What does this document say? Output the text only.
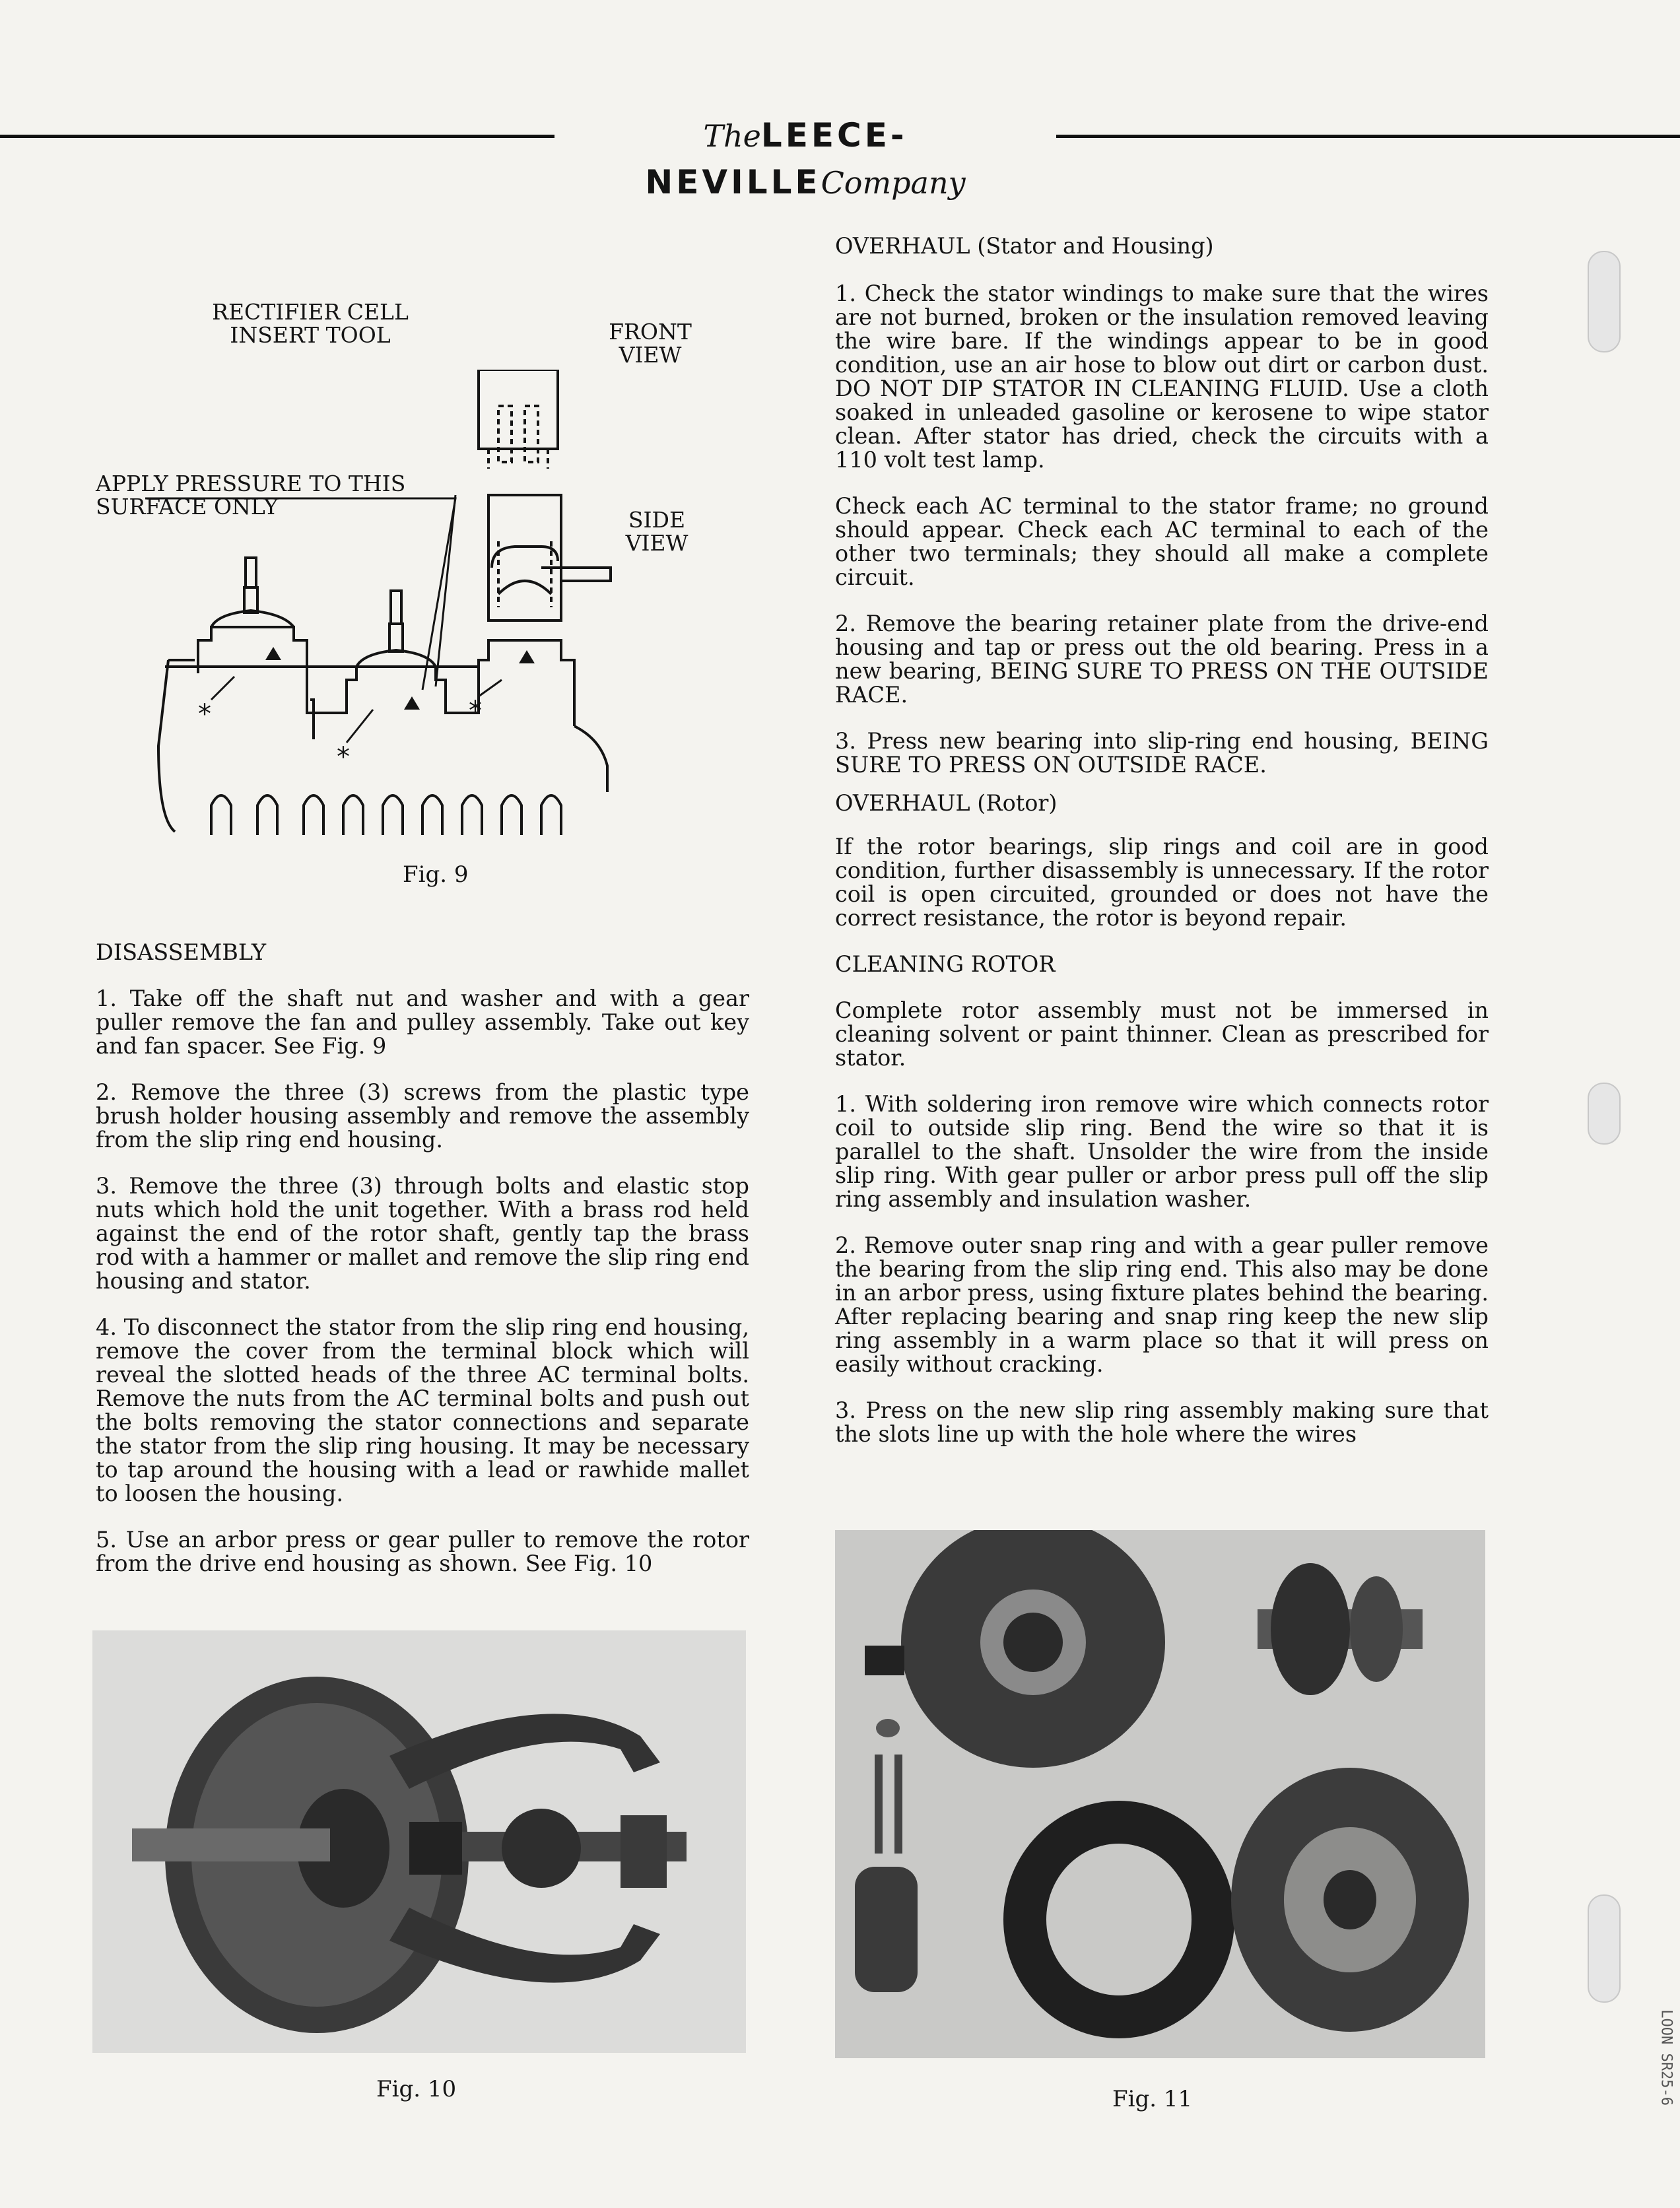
TheLEECE-NEVILLECompany
RECTIFIER CELL
INSERT TOOL	FRONT
VIEW
APPLY PRESSURE TO THIS
SURFACE ONLY
SIDE
VIEW
*
*
*
Fig. 9
DISASSEMBLY

1. Take off the shaft nut and washer and with a gear puller remove the fan and pulley assembly. Take out key and fan spacer. See Fig. 9

2. Remove the three (3) screws from the plastic type brush holder housing assembly and remove the assembly from the slip ring end housing.

3. Remove the three (3) through bolts and elastic stop nuts which hold the unit together. With a brass rod held against the end of the rotor shaft, gently tap the brass rod with a hammer or mallet and remove the slip ring end housing and stator.

4. To disconnect the stator from the slip ring end housing, remove the cover from the terminal block which will reveal the slotted heads of the three AC terminal bolts. Remove the nuts from the AC terminal bolts and push out the bolts removing the stator connections and separate the stator from the slip ring housing. It may be necessary to tap around the housing with a lead or rawhide mallet to loosen the housing.

5. Use an arbor press or gear puller to remove the rotor from the drive end housing as shown. See Fig. 10

Fig. 10
OVERHAUL (Stator and Housing)

1. Check the stator windings to make sure that the wires are not burned, broken or the insulation removed leaving the wire bare. If the windings appear to be in good condition, use an air hose to blow out dirt or carbon dust. DO NOT DIP STATOR IN CLEANING FLUID. Use a cloth soaked in unleaded gasoline or kerosene to wipe stator clean. After stator has dried, check the circuits with a 110 volt test lamp.

Check each AC terminal to the stator frame; no ground should appear. Check each AC terminal to each of the other two terminals; they should all make a complete circuit.

2. Remove the bearing retainer plate from the drive-end housing and tap or press out the old bearing. Press in a new bearing, BEING SURE TO PRESS ON THE OUTSIDE RACE.

3. Press new bearing into slip-ring end housing, BEING SURE TO PRESS ON OUTSIDE RACE.

OVERHAUL (Rotor)

If the rotor bearings, slip rings and coil are in good condition, further disassembly is unnecessary. If the rotor coil is open circuited, grounded or does not have the correct resistance, the rotor is beyond repair.

CLEANING ROTOR

Complete rotor assembly must not be immersed in cleaning solvent or paint thinner. Clean as prescribed for stator.

1. With soldering iron remove wire which connects rotor coil to outside slip ring. Bend the wire so that it is parallel to the shaft. Unsolder the wire from the inside slip ring. With gear puller or arbor press pull off the slip ring assembly and insulation washer.

2. Remove outer snap ring and with a gear puller remove the bearing from the slip ring end. This also may be done in an arbor press, using fixture plates behind the bearing. After replacing bearing and snap ring keep the new slip ring assembly in a warm place so that it will press on easily without cracking.

3. Press on the new slip ring assembly making sure that the slots line up with the hole where the wires

Fig. 11	LOON SR25-6
